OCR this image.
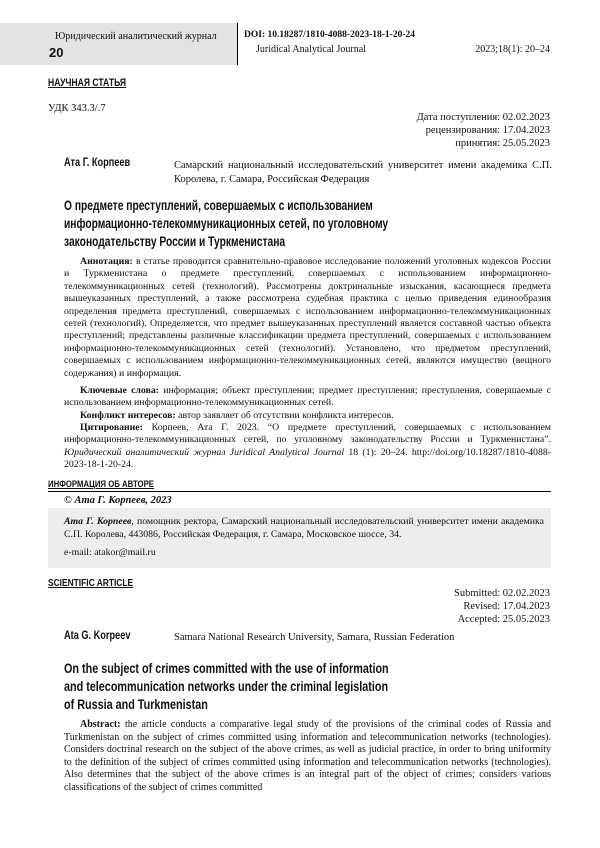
Юридический аналитический журнал
20
DOI: 10.18287/1810-4088-2023-18-1-20-24
Juridical Analytical Journal	2023;18(1): 20–24
НАУЧНАЯ СТАТЬЯ
УДК 343.3/.7
Дата поступления: 02.02.2023
рецензирования: 17.04.2023
принятия: 25.05.2023
Ата Г. Корпеев	Самарский национальный исследовательский университет имени академика С.П. Королева, г. Самара, Российская Федерация
О предмете преступлений, совершаемых с использованием
информационно-телекоммуникационных сетей, по уголовному
законодательству России и Туркменистана
Аннотация: в статье проводится сравнительно-правовое исследование положений уголовных кодексов России и Туркменистана о предмете преступлений, совершаемых с использованием информационно-телекоммуникационных сетей (технологий). Рассмотрены доктринальные изыскания, касающиеся предмета вышеуказанных преступлений, а также рассмотрена судебная практика с целью приведения единообразия определения предмета преступлений, совершаемых с использованием информационно-телекоммуникационных сетей (технологий). Определяется, что предмет вышеуказанных преступлений является составной частью объекта преступлений; представлены различные классификации предмета преступлений, совершаемых с использованием информационно-телекоммуникационных сетей (технологий). Установлено, что предметом преступлений, совершаемых с использованием информационно-телекоммуникационных сетей, являются имущество (вещного содержания) и информация.
Ключевые слова: информация; объект преступления; предмет преступления; преступления, совершаемые с использованием информационно-телекоммуникационных сетей.
Конфликт интересов: автор заявляет об отсутствии конфликта интересов.
Цитирование: Корпеев, Ата Г. 2023. “О предмете преступлений, совершаемых с использованием информационно-телекоммуникационных сетей, по уголовному законодательству России и Туркменистана”. Юридический аналитический журнал Juridical Analytical Journal 18 (1): 20–24. http://doi.org/10.18287/1810-4088-2023-18-1-20-24.
ИНФОРМАЦИЯ ОБ АВТОРЕ
© Ата Г. Корпеев, 2023
Ата Г. Корпеев, помощник ректора, Самарский национальный исследовательский университет имени академика С.П. Королева, 443086, Российская Федерация, г. Самара, Московское шоссе, 34.
e-mail: atakor@mail.ru
SCIENTIFIC ARTICLE
Submitted: 02.02.2023
Revised: 17.04.2023
Accepted: 25.05.2023
Ata G. Korpeev	Samara National Research University, Samara, Russian Federation
On the subject of crimes committed with the use of information
and telecommunication networks under the criminal legislation
of Russia and Turkmenistan
Abstract: the article conducts a comparative legal study of the provisions of the criminal codes of Russia and Turkmenistan on the subject of crimes committed using information and telecommunication networks (technologies). Considers doctrinal research on the subject of the above crimes, as well as judicial practice, in order to bring uniformity to the definition of the subject of crimes committed using information and telecommunication networks (technologies). Also determines that the subject of the above crimes is an integral part of the object of crimes; considers various classifications of the subject of crimes committed
